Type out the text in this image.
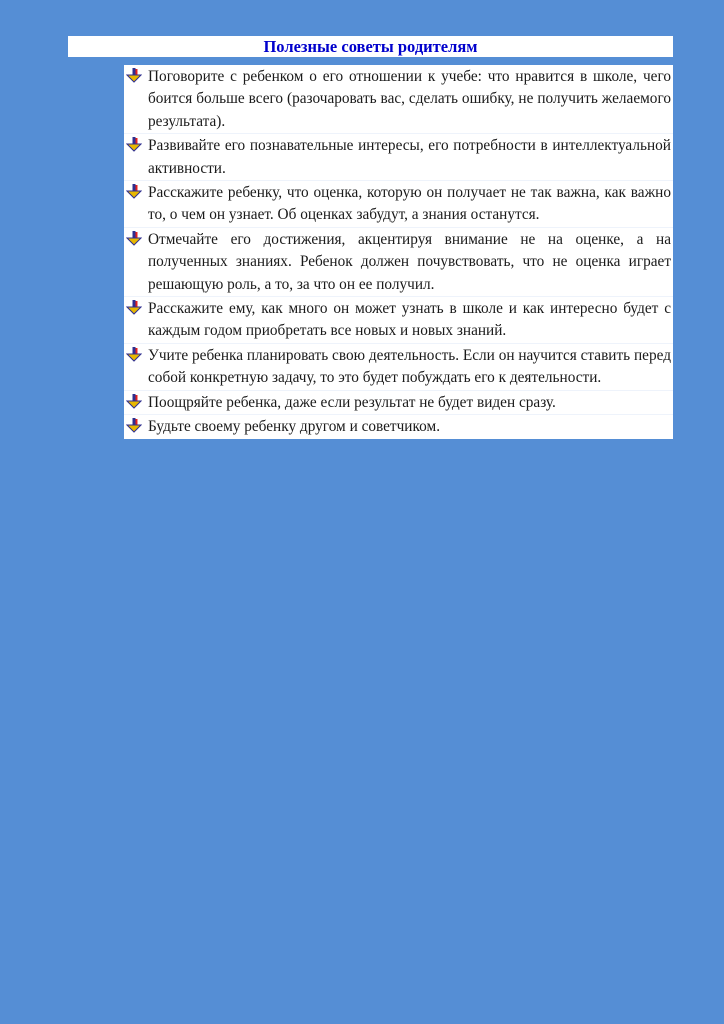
Полезные советы родителям
Поговорите с ребенком о его отношении к учебе: что нравится в школе, чего боится больше всего (разочаровать вас, сделать ошибку, не получить желаемого результата).
Развивайте его познавательные интересы, его потребности в интеллектуальной активности.
Расскажите ребенку, что оценка, которую он получает не так важна, как важно то, о чем он узнает. Об оценках забудут, а знания останутся.
Отмечайте его достижения, акцентируя внимание не на оценке, а на полученных знаниях. Ребенок должен почувствовать, что не оценка играет решающую роль, а то, за что он ее получил.
Расскажите ему, как много он может узнать в школе и как интересно будет с каждым годом приобретать все новых и новых знаний.
Учите ребенка планировать свою деятельность. Если он научится ставить перед собой конкретную задачу, то это будет побуждать его к деятельности.
Поощряйте ребенка, даже если результат не будет виден сразу.
Будьте своему ребенку другом и советчиком.
